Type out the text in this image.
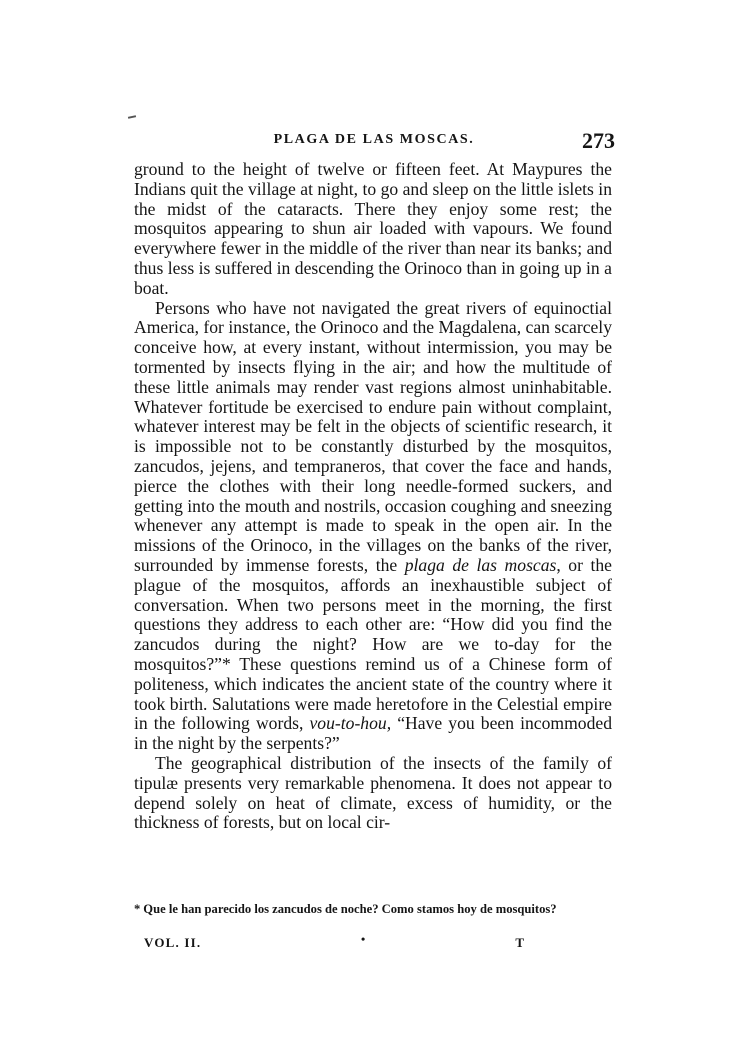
PLAGA DE LAS MOSCAS.	273

ground to the height of twelve or fifteen feet. At Maypures the Indians quit the village at night, to go and sleep on the little islets in the midst of the cataracts. There they enjoy some rest; the mosquitos appearing to shun air loaded with vapours. We found everywhere fewer in the middle of the river than near its banks; and thus less is suffered in descending the Orinoco than in going up in a boat.

Persons who have not navigated the great rivers of equinoctial America, for instance, the Orinoco and the Magdalena, can scarcely conceive how, at every instant, without intermission, you may be tormented by insects flying in the air; and how the multitude of these little animals may render vast regions almost uninhabitable. Whatever fortitude be exercised to endure pain without complaint, whatever interest may be felt in the objects of scientific research, it is impossible not to be constantly disturbed by the mosquitos, zancudos, jejens, and tempraneros, that cover the face and hands, pierce the clothes with their long needle-formed suckers, and getting into the mouth and nostrils, occasion coughing and sneezing whenever any attempt is made to speak in the open air. In the missions of the Orinoco, in the villages on the banks of the river, surrounded by immense forests, the plaga de las moscas, or the plague of the mosquitos, affords an inexhaustible subject of conversation. When two persons meet in the morning, the first questions they address to each other are: “How did you find the zancudos during the night? How are we to-day for the mosquitos?”* These questions remind us of a Chinese form of politeness, which indicates the ancient state of the country where it took birth. Salutations were made heretofore in the Celestial empire in the following words, vou-to-hou, “Have you been incommoded in the night by the serpents?”

The geographical distribution of the insects of the family of tipulæ presents very remarkable phenomena. It does not appear to depend solely on heat of climate, excess of humidity, or the thickness of forests, but on local cir-

* Que le han parecido los zancudos de noche? Como stamos hoy de mosquitos?
VOL. II.	•	T
